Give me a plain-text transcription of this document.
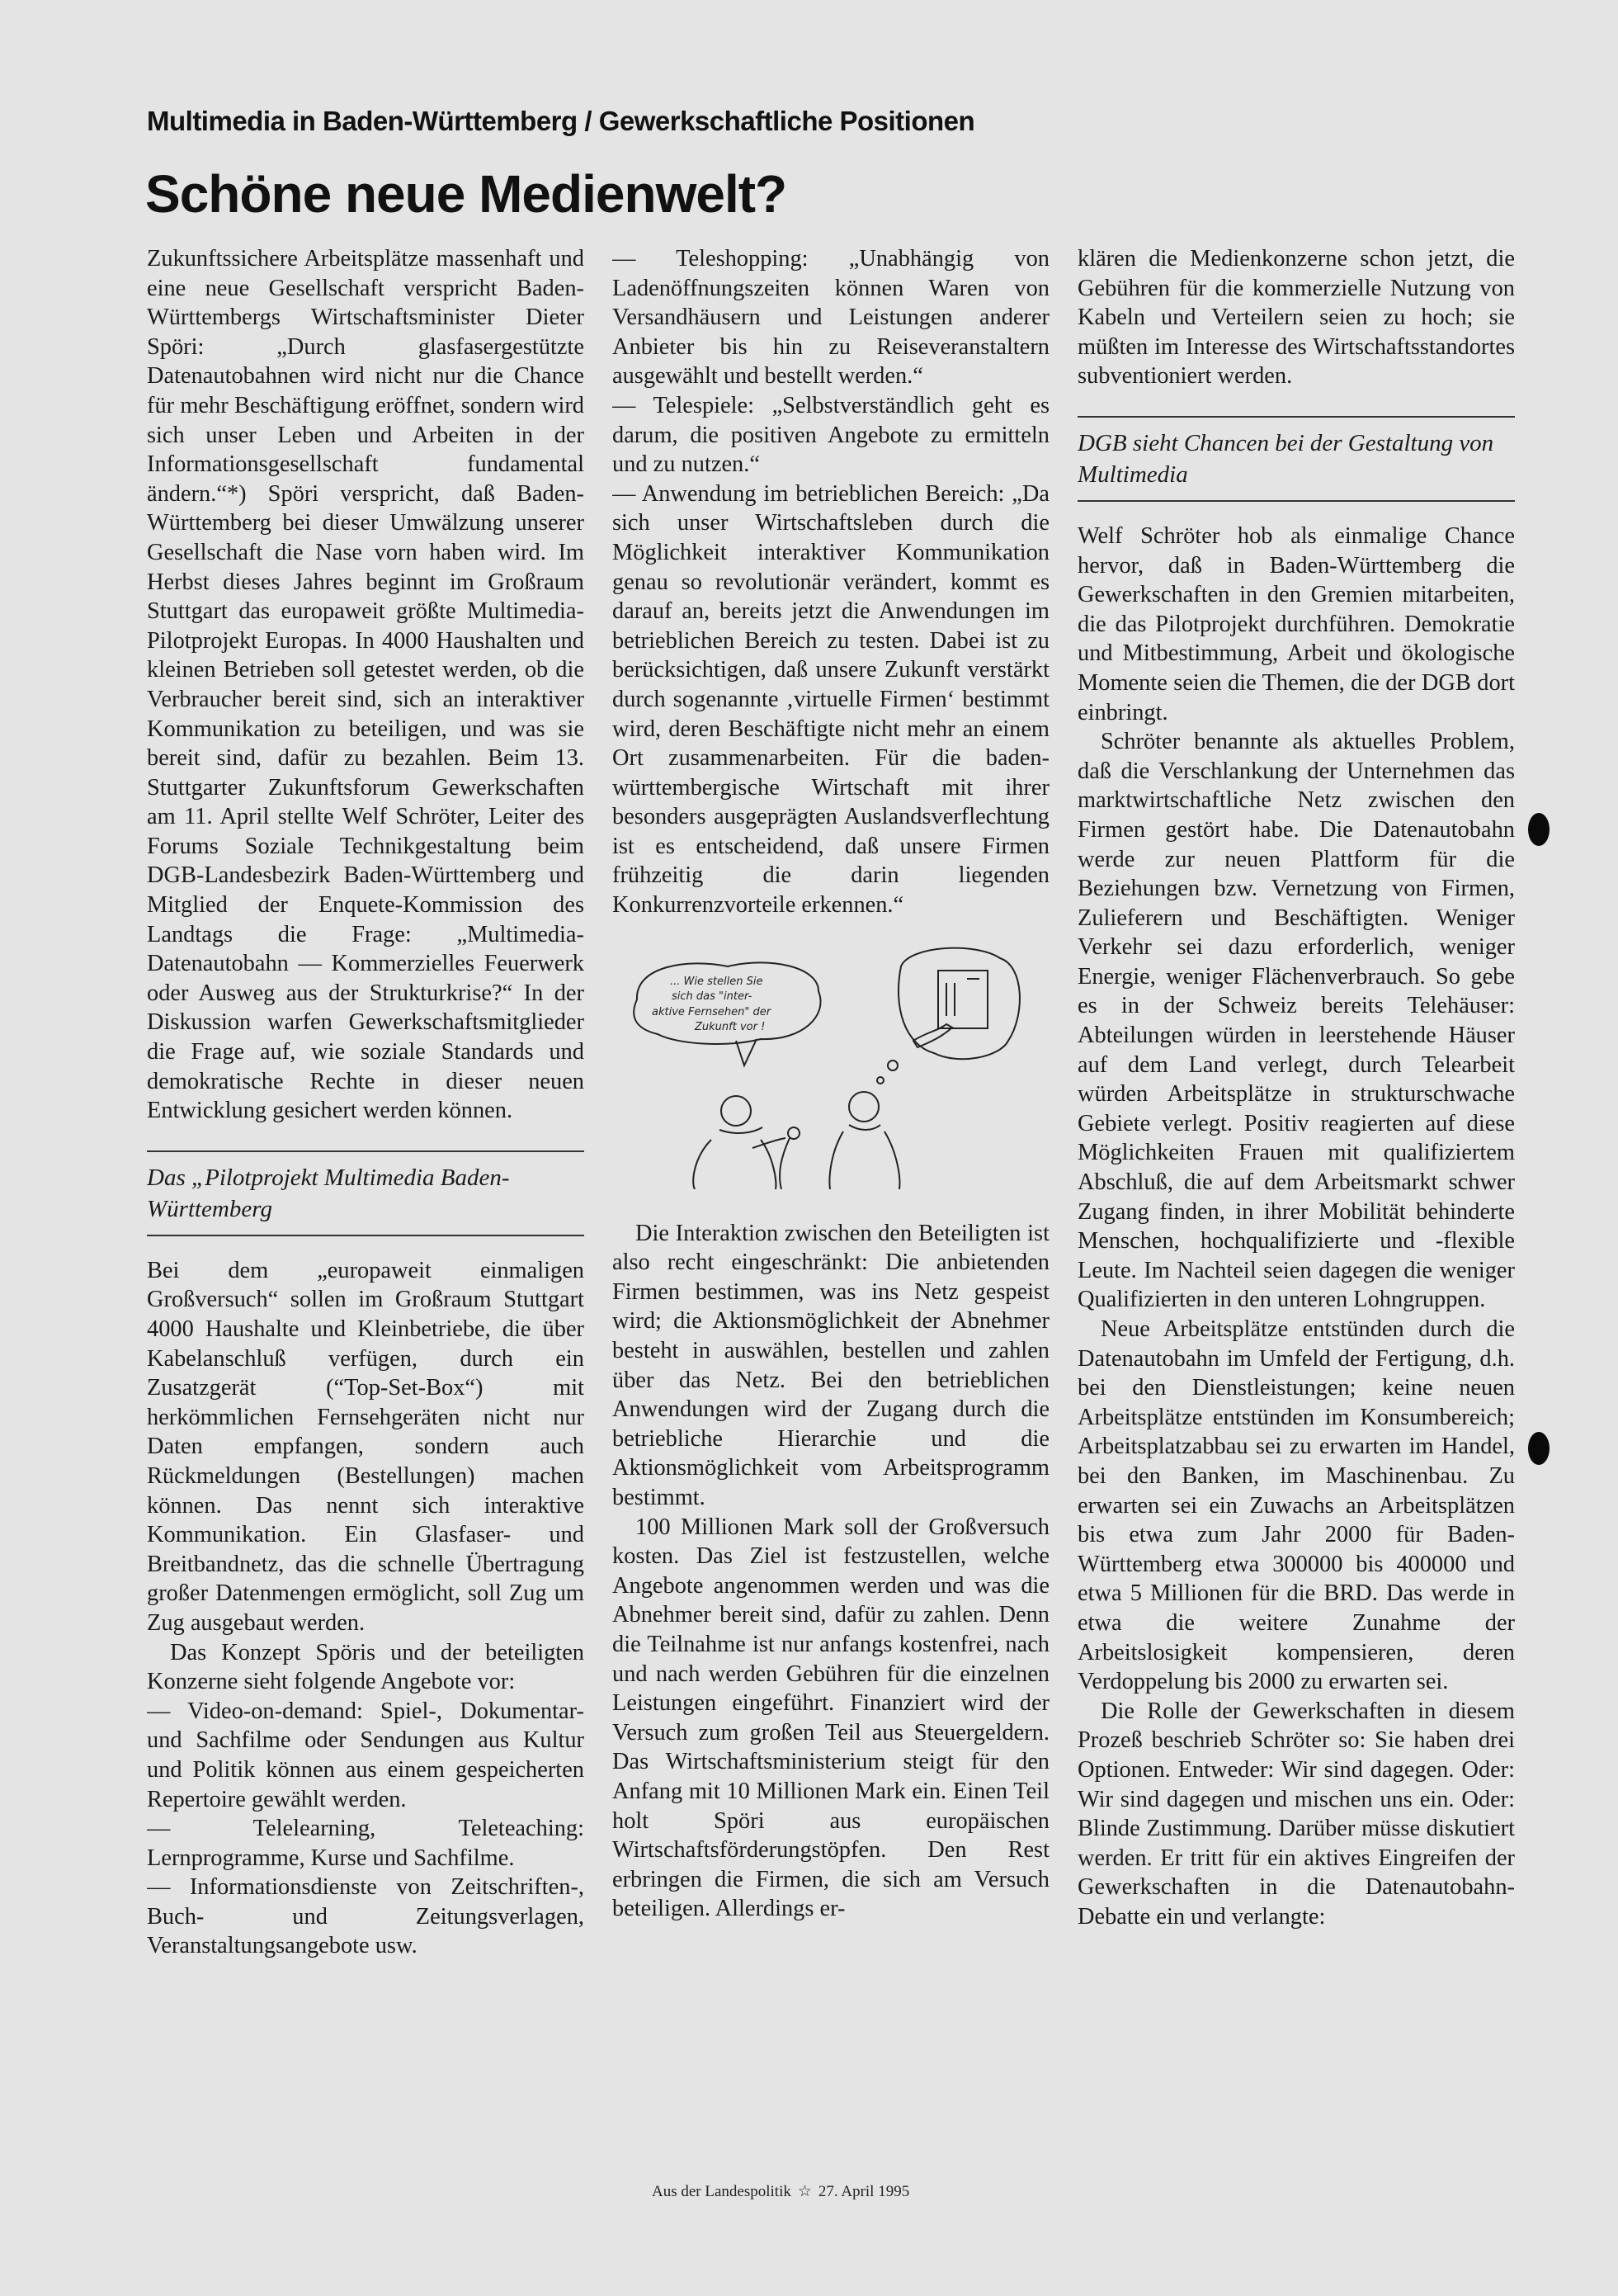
Multimedia in Baden-Württemberg / Gewerkschaftliche Positionen
Schöne neue Medienwelt?

Zukunftssichere Arbeitsplätze massenhaft und eine neue Gesellschaft verspricht Baden-Württembergs Wirtschaftsminister Dieter Spöri: „Durch glasfasergestützte Datenautobahnen wird nicht nur die Chance für mehr Beschäftigung eröffnet, sondern wird sich unser Leben und Arbeiten in der Informationsgesellschaft fundamental ändern.“*) Spöri verspricht, daß Baden-Württemberg bei dieser Umwälzung unserer Gesellschaft die Nase vorn haben wird. Im Herbst dieses Jahres beginnt im Großraum Stuttgart das europaweit größte Multimedia-Pilotprojekt Europas. In 4000 Haushalten und kleinen Betrieben soll getestet werden, ob die Verbraucher bereit sind, sich an interaktiver Kommunikation zu beteiligen, und was sie bereit sind, dafür zu bezahlen. Beim 13. Stuttgarter Zukunftsforum Gewerkschaften am 11. April stellte Welf Schröter, Leiter des Forums Soziale Technikgestaltung beim DGB-Landesbezirk Baden-Württemberg und Mitglied der Enquete-Kommission des Landtags die Frage: „Multimedia-Datenautobahn — Kommerzielles Feuerwerk oder Ausweg aus der Strukturkrise?“ In der Diskussion warfen Gewerkschaftsmitglieder die Frage auf, wie soziale Standards und demokratische Rechte in dieser neuen Entwicklung gesichert werden können.

Das „Pilotprojekt Multimedia Baden-Württemberg

Bei dem „europaweit einmaligen Großversuch“ sollen im Großraum Stuttgart 4000 Haushalte und Kleinbetriebe, die über Kabelanschluß verfügen, durch ein Zusatzgerät (“Top-Set-Box“) mit herkömmlichen Fernsehgeräten nicht nur Daten empfangen, sondern auch Rückmeldungen (Bestellungen) machen können. Das nennt sich interaktive Kommunikation. Ein Glasfaser- und Breitbandnetz, das die schnelle Übertragung großer Datenmengen ermöglicht, soll Zug um Zug ausgebaut werden.

Das Konzept Spöris und der beteiligten Konzerne sieht folgende Angebote vor:

— Video-on-demand: Spiel-, Dokumentar- und Sachfilme oder Sendungen aus Kultur und Politik können aus einem gespeicherten Repertoire gewählt werden.

— Telelearning, Teleteaching: Lernprogramme, Kurse und Sachfilme.

— Informationsdienste von Zeitschriften-, Buch- und Zeitungsverlagen, Veranstaltungsangebote usw.

— Teleshopping: „Unabhängig von Ladenöffnungszeiten können Waren von Versandhäusern und Leistungen anderer Anbieter bis hin zu Reiseveranstaltern ausgewählt und bestellt werden.“

— Telespiele: „Selbstverständlich geht es darum, die positiven Angebote zu ermitteln und zu nutzen.“

— Anwendung im betrieblichen Bereich: „Da sich unser Wirtschaftsleben durch die Möglichkeit interaktiver Kommunikation genau so revolutionär verändert, kommt es darauf an, bereits jetzt die Anwendungen im betrieblichen Bereich zu testen. Dabei ist zu berücksichtigen, daß unsere Zukunft verstärkt durch sogenannte ‚virtuelle Firmen‘ bestimmt wird, deren Beschäftigte nicht mehr an einem Ort zusammenarbeiten. Für die baden-württembergische Wirtschaft mit ihrer besonders ausgeprägten Auslandsverflechtung ist es entscheidend, daß unsere Firmen frühzeitig die darin liegenden Konkurrenzvorteile erkennen.“

... Wie stellen Sie
sich das "inter-
aktive Fernsehen" der
Zukunft vor !

Die Interaktion zwischen den Beteiligten ist also recht eingeschränkt: Die anbietenden Firmen bestimmen, was ins Netz gespeist wird; die Aktionsmöglichkeit der Abnehmer besteht in auswählen, bestellen und zahlen über das Netz. Bei den betrieblichen Anwendungen wird der Zugang durch die betriebliche Hierarchie und die Aktionsmöglichkeit vom Arbeitsprogramm bestimmt.

100 Millionen Mark soll der Großversuch kosten. Das Ziel ist festzustellen, welche Angebote angenommen werden und was die Abnehmer bereit sind, dafür zu zahlen. Denn die Teilnahme ist nur anfangs kostenfrei, nach und nach werden Gebühren für die einzelnen Leistungen eingeführt. Finanziert wird der Versuch zum großen Teil aus Steuergeldern. Das Wirtschaftsministerium steigt für den Anfang mit 10 Millionen Mark ein. Einen Teil holt Spöri aus europäischen Wirtschaftsförderungstöpfen. Den Rest erbringen die Firmen, die sich am Versuch beteiligen. Allerdings er-

klären die Medienkonzerne schon jetzt, die Gebühren für die kommerzielle Nutzung von Kabeln und Verteilern seien zu hoch; sie müßten im Interesse des Wirtschaftsstandortes subventioniert werden.

DGB sieht Chancen bei der Gestaltung von Multimedia

Welf Schröter hob als einmalige Chance hervor, daß in Baden-Württemberg die Gewerkschaften in den Gremien mitarbeiten, die das Pilotprojekt durchführen. Demokratie und Mitbestimmung, Arbeit und ökologische Momente seien die Themen, die der DGB dort einbringt.

Schröter benannte als aktuelles Problem, daß die Verschlankung der Unternehmen das marktwirtschaftliche Netz zwischen den Firmen gestört habe. Die Datenautobahn werde zur neuen Plattform für die Beziehungen bzw. Vernetzung von Firmen, Zulieferern und Beschäftigten. Weniger Verkehr sei dazu erforderlich, weniger Energie, weniger Flächenverbrauch. So gebe es in der Schweiz bereits Telehäuser: Abteilungen würden in leerstehende Häuser auf dem Land verlegt, durch Telearbeit würden Arbeitsplätze in strukturschwache Gebiete verlegt. Positiv reagierten auf diese Möglichkeiten Frauen mit qualifiziertem Abschluß, die auf dem Arbeitsmarkt schwer Zugang finden, in ihrer Mobilität behinderte Menschen, hochqualifizierte und -flexible Leute. Im Nachteil seien dagegen die weniger Qualifizierten in den unteren Lohngruppen.

Neue Arbeitsplätze entstünden durch die Datenautobahn im Umfeld der Fertigung, d.h. bei den Dienstleistungen; keine neuen Arbeitsplätze entstünden im Konsumbereich; Arbeitsplatzabbau sei zu erwarten im Handel, bei den Banken, im Maschinenbau. Zu erwarten sei ein Zuwachs an Arbeitsplätzen bis etwa zum Jahr 2000 für Baden-Württemberg etwa 300000 bis 400000 und etwa 5 Millionen für die BRD. Das werde in etwa die weitere Zunahme der Arbeitslosigkeit kompensieren, deren Verdoppelung bis 2000 zu erwarten sei.

Die Rolle der Gewerkschaften in diesem Prozeß beschrieb Schröter so: Sie haben drei Optionen. Entweder: Wir sind dagegen. Oder: Wir sind dagegen und mischen uns ein. Oder: Blinde Zustimmung. Darüber müsse diskutiert werden. Er tritt für ein aktives Eingreifen der Gewerkschaften in die Datenautobahn-Debatte ein und verlangte:

Aus der Landespolitik ☆ 27. April 1995
